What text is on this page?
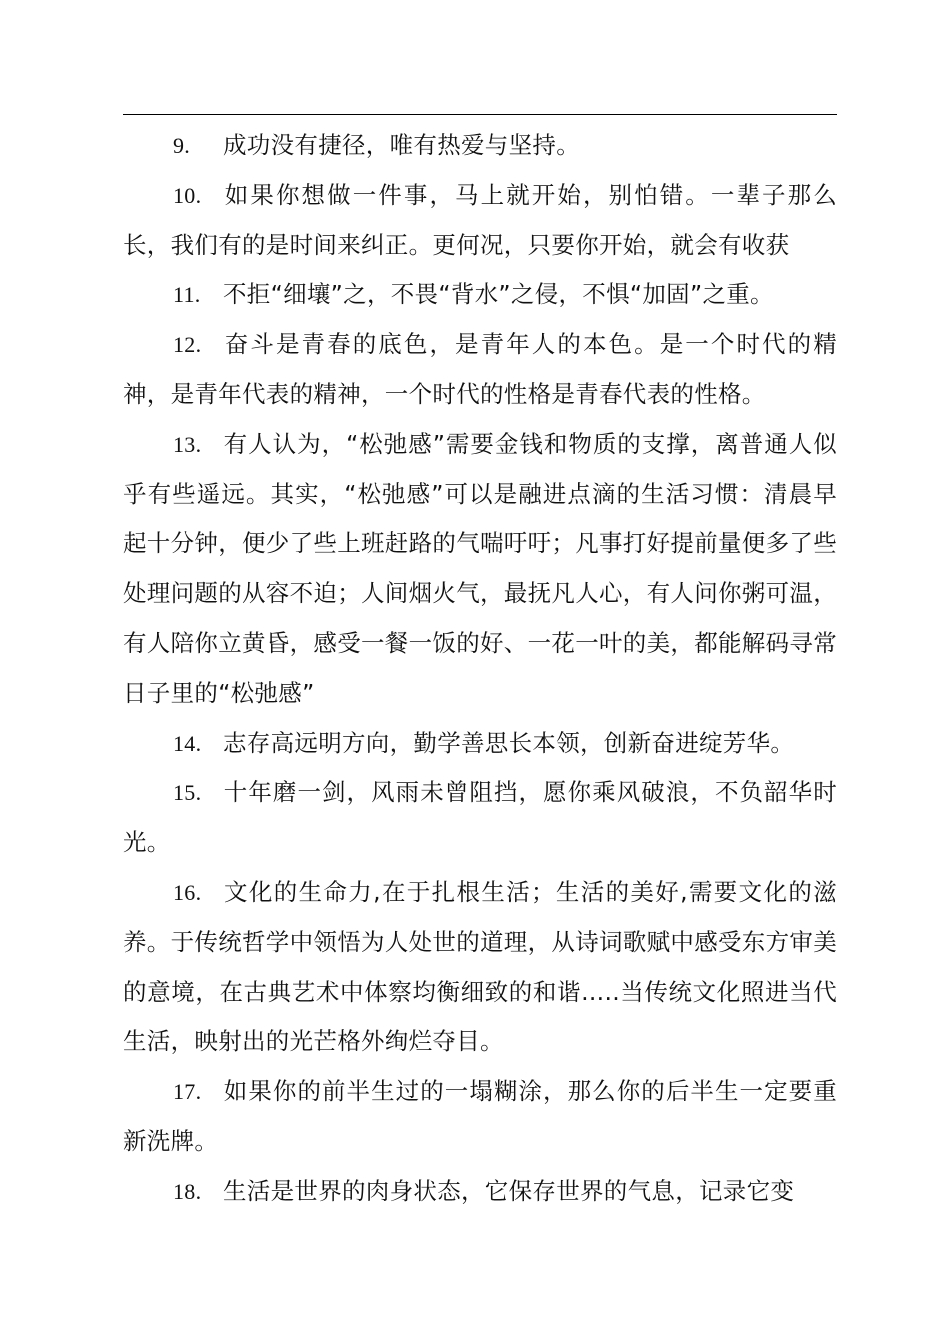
9. 成功没有捷径，唯有热爱与坚持。

10. 如果你想做一件事，马上就开始，别怕错。一辈子那么长，我们有的是时间来纠正。更何况，只要你开始，就会有收获

11. 不拒“细壤”之，不畏“背水”之侵，不惧“加固”之重。

12. 奋斗是青春的底色，是青年人的本色。是一个时代的精神，是青年代表的精神，一个时代的性格是青春代表的性格。

13. 有人认为，“松弛感”需要金钱和物质的支撑，离普通人似乎有些遥远。其实，“松弛感”可以是融进点滴的生活习惯：清晨早起十分钟，便少了些上班赶路的气喘吁吁；凡事打好提前量便多了些处理问题的从容不迫；人间烟火气，最抚凡人心，有人问你粥可温，有人陪你立黄昏，感受一餐一饭的好、一花一叶的美，都能解码寻常日子里的“松弛感”

14. 志存高远明方向，勤学善思长本领，创新奋进绽芳华。

15. 十年磨一剑，风雨未曾阻挡，愿你乘风破浪，不负韶华时光。

16. 文化的生命力,在于扎根生活；生活的美好,需要文化的滋养。于传统哲学中领悟为人处世的道理，从诗词歌赋中感受东方审美的意境，在古典艺术中体察均衡细致的和谐.....当传统文化照进当代生活，映射出的光芒格外绚烂夺目。

17. 如果你的前半生过的一塌糊涂，那么你的后半生一定要重新洗牌。

18. 生活是世界的肉身状态，它保存世界的气息，记录它变
